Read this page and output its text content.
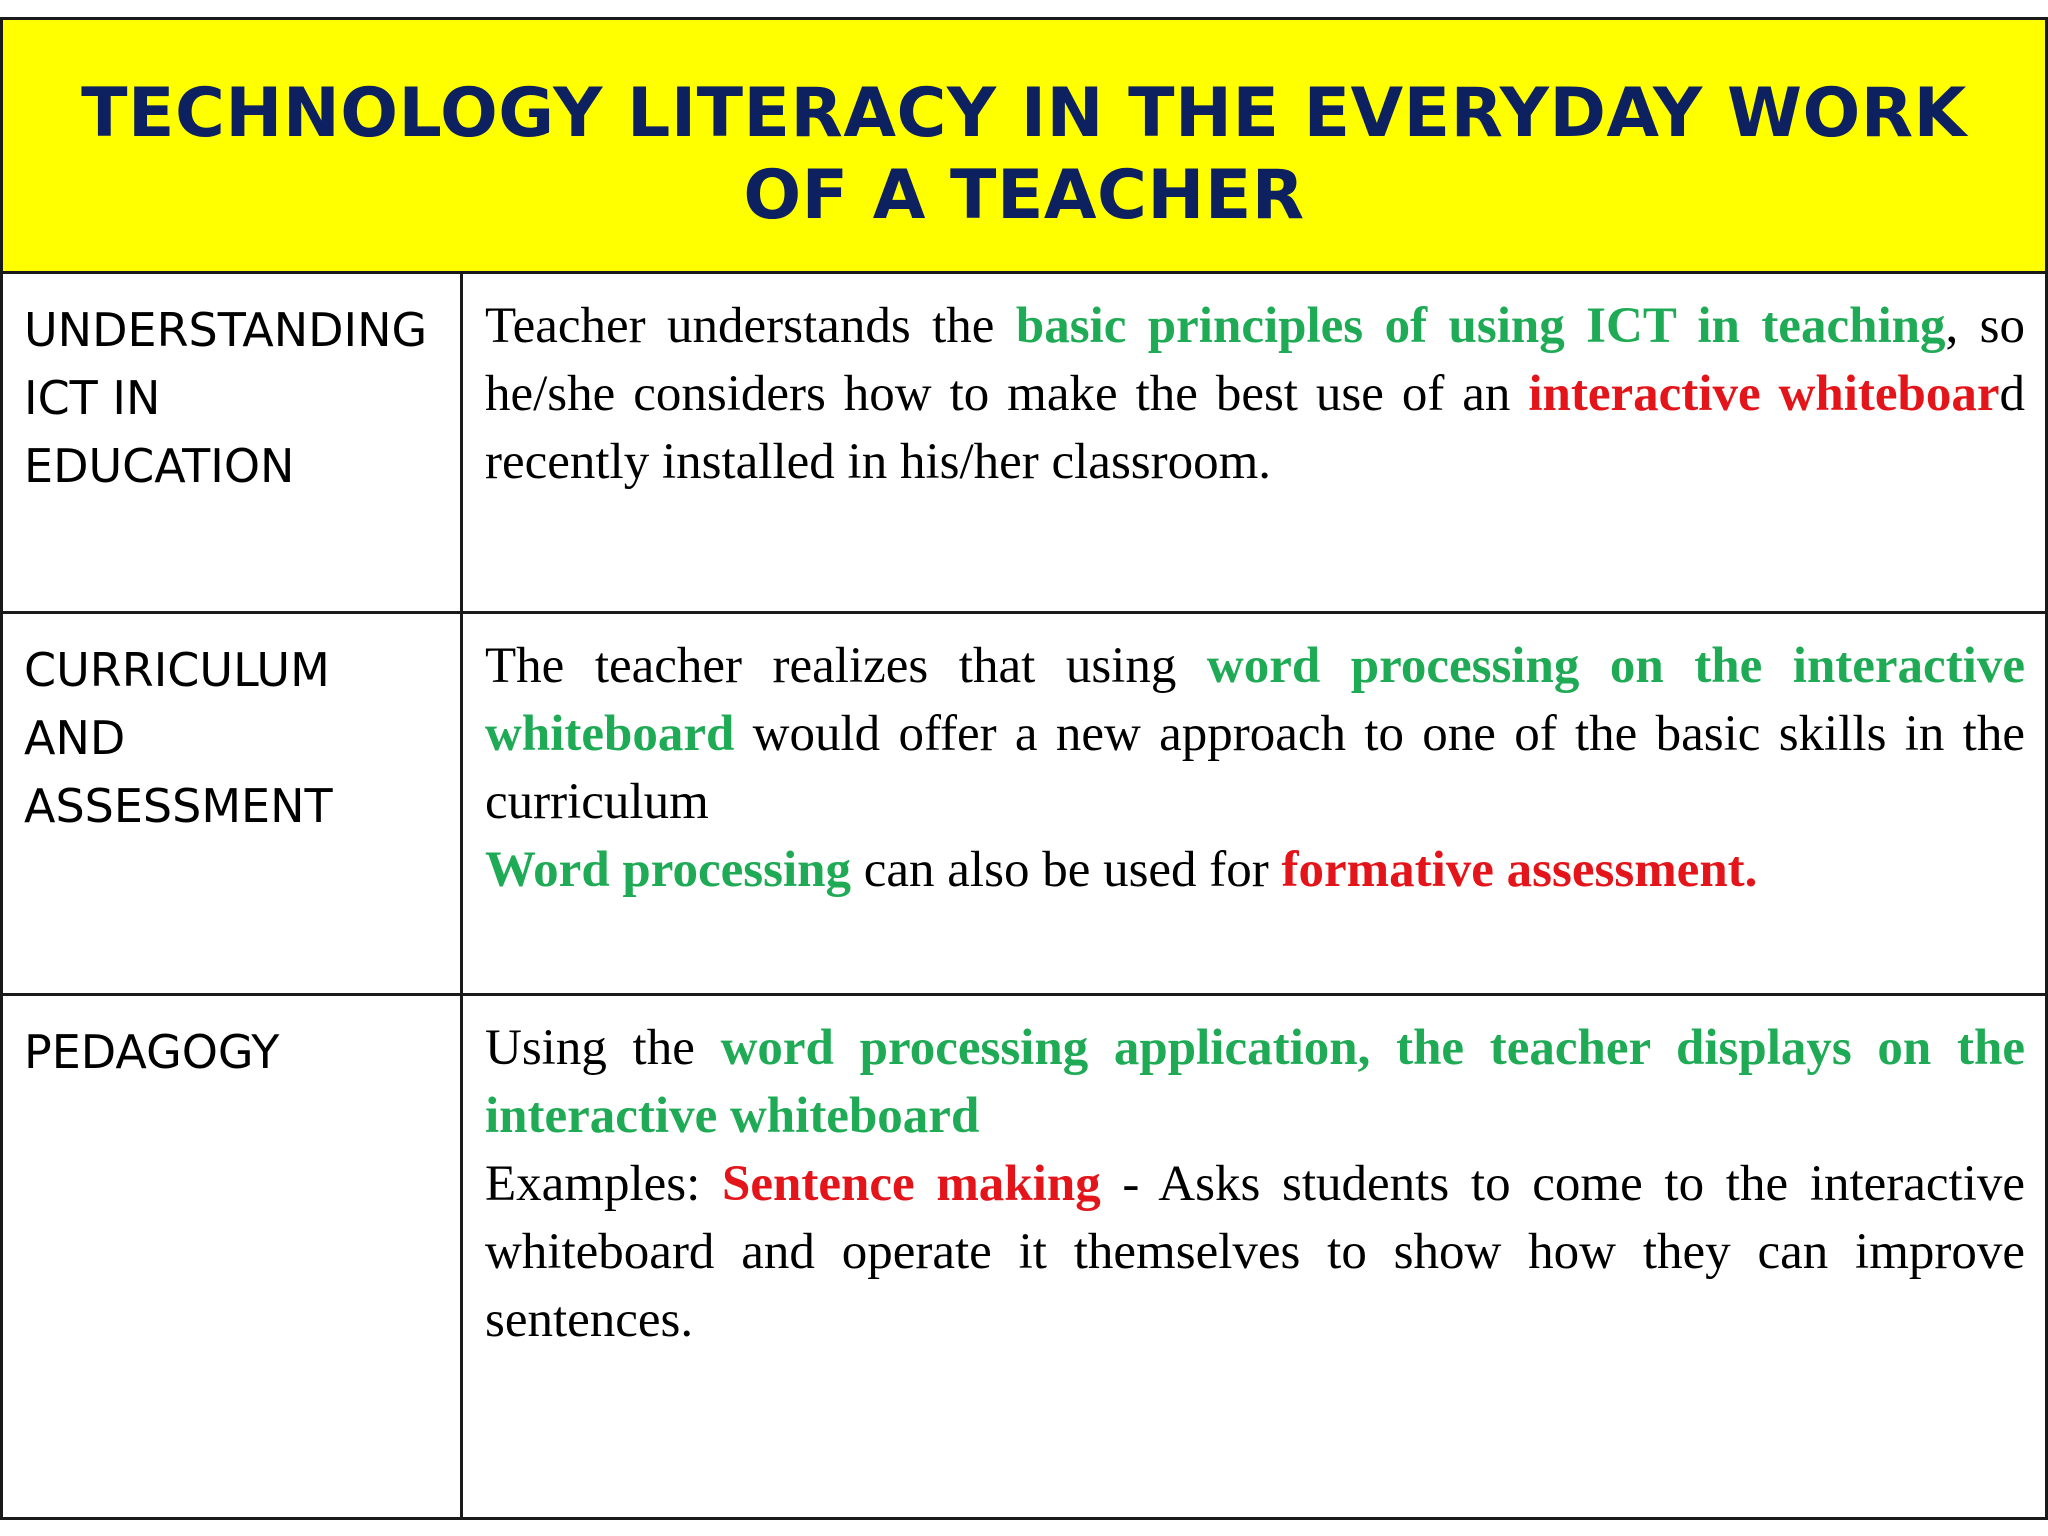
TECHNOLOGY LITERACY IN THE EVERYDAY WORK
OF A TEACHER

UNDERSTANDING
ICT IN
EDUCATION

Teacher understands the basic principles of using ICT in teaching, so he/she considers how to make the best use of an interactive whiteboard recently installed in his/her classroom.

CURRICULUM
AND
ASSESSMENT

The teacher realizes that using word processing on the interactive whiteboard would offer a new approach to one of the basic skills in the curriculum

Word processing can also be used for formative assessment.

PEDAGOGY	Using the word processing application, the teacher displays on the interactive whiteboard

Examples: Sentence making - Asks students to come to the interactive whiteboard and operate it themselves to show how they can improve sentences.
